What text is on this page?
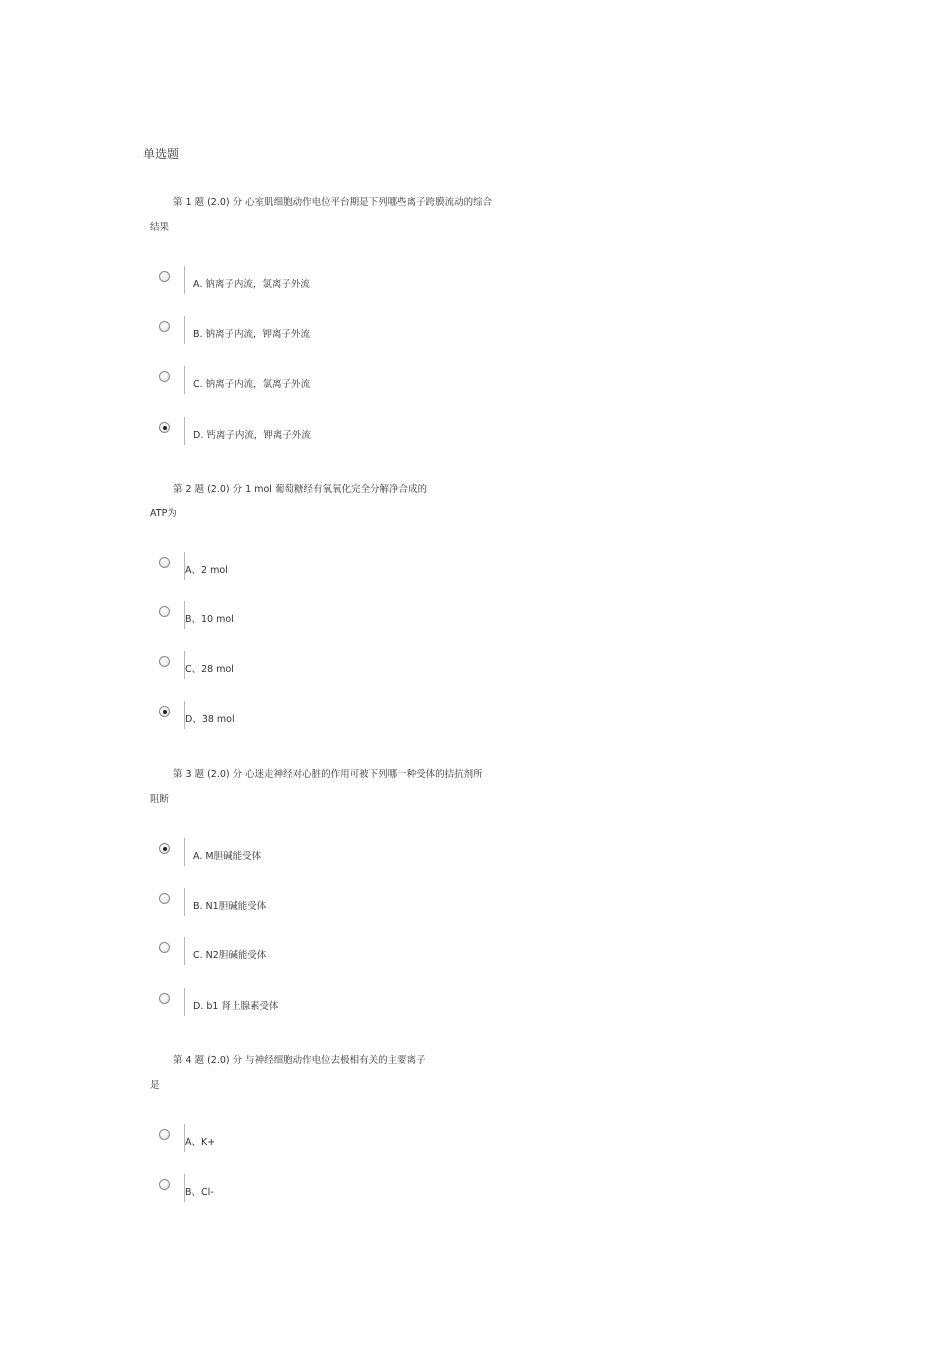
单选题
第 1 题 (2.0) 分 心室肌细胞动作电位平台期是下列哪些离子跨膜流动的综合
结果
A. 钠离子内流，氯离子外流
B. 钠离子内流，钾离子外流
C. 钠离子内流，氯离子外流
D. 钙离子内流，钾离子外流
第 2 题 (2.0) 分 1 mol 葡萄糖经有氧氧化完全分解净合成的
ATP为
A、2 mol
B、10 mol
C、28 mol
D、38 mol
第 3 题 (2.0) 分 心迷走神经对心脏的作用可被下列哪一种受体的拮抗剂所
阻断
A. M胆碱能受体
B. N1胆碱能受体
C. N2胆碱能受体
D. b1 肾上腺素受体
第 4 题 (2.0) 分 与神经细胞动作电位去极相有关的主要离子
是
A、K+
B、Cl-
